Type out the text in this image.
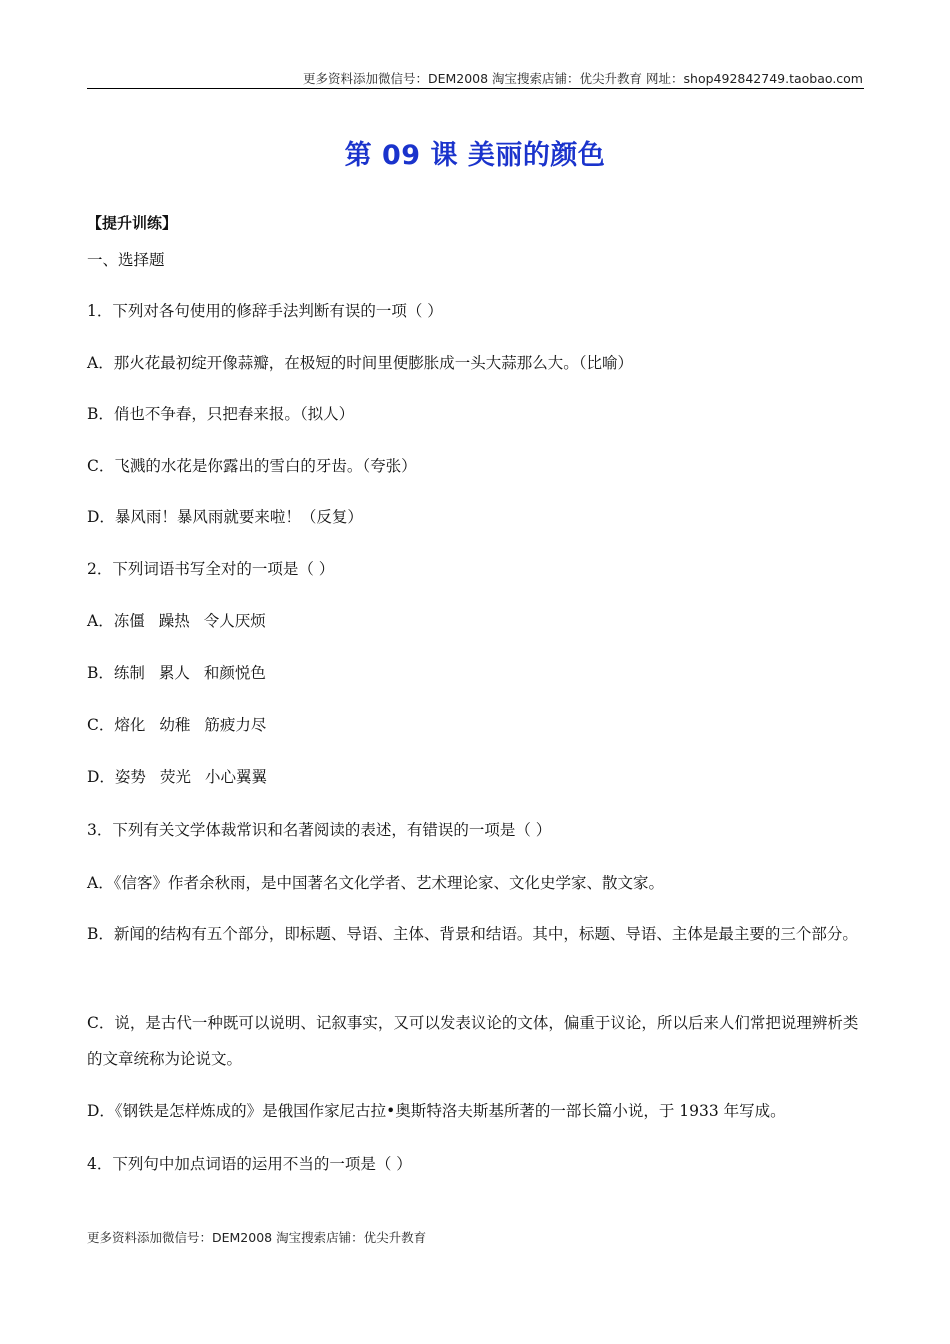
更多资料添加微信号：DEM2008 淘宝搜索店铺：优尖升教育 网址：shop492842749.taobao.com
第 09 课 美丽的颜色
【提升训练】
一、选择题
1．下列对各句使用的修辞手法判断有误的一项（ ）
A．那火花最初绽开像蒜瓣，在极短的时间里便膨胀成一头大蒜那么大。（比喻）
B．俏也不争春，只把春来报。（拟人）
C．飞溅的水花是你露出的雪白的牙齿。（夸张）
D．暴风雨！暴风雨就要来啦！（反复）
2．下列词语书写全对的一项是（ ）
A．冻僵 躁热 令人厌烦
B．练制 累人 和颜悦色
C．熔化 幼稚 筋疲力尽
D．姿势 荧光 小心翼翼
3．下列有关文学体裁常识和名著阅读的表述，有错误的一项是（ ）
A．《信客》作者余秋雨，是中国著名文化学者、艺术理论家、文化史学家、散文家。
B．新闻的结构有五个部分，即标题、导语、主体、背景和结语。其中，标题、导语、主体是最主要的三个部分。
C．说，是古代一种既可以说明、记叙事实，又可以发表议论的文体，偏重于议论，所以后来人们常把说理辨析类的文章统称为论说文。
D．《钢铁是怎样炼成的》是俄国作家尼古拉•奥斯特洛夫斯基所著的一部长篇小说，于 1933 年写成。
4．下列句中加点词语的运用不当的一项是（ ）
更多资料添加微信号：DEM2008 淘宝搜索店铺：优尖升教育
